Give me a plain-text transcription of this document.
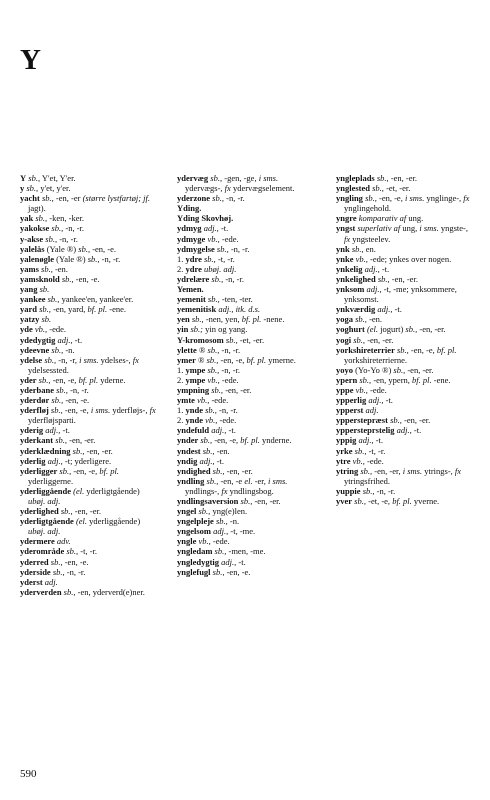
Y

Y sb., Y'et, Y'er.

y sb., y'et, y'er.

yacht sb., -en, -er (større lystfartøj; jf. jagt).

yak sb., -ken, -ker.

yakokse sb., -n, -r.

y-akse sb., -n, -r.

yalelås (Yale ®) sb., -en, -e.

yalenøgle (Yale ®) sb., -n, -r.

yams sb., -en.

yamsknold sb., -en, -e.

yang sb.

yankee sb., yankee'en, yankee'er.

yard sb., -en, yard, bf. pl. -ene.

yatzy sb.

yde vb., -ede.

ydedygtig adj., -t.

ydeevne sb., -n.

ydelse sb., -n, -r, i sms. ydelses-, fx ydelsessted.

yder sb., -en, -e, bf. pl. yderne.

yderbane sb., -n, -r.

yderdør sb., -en, -e.

yderfløj sb., -en, -e, i sms. yderfløjs-, fx yderfløjsparti.

yderig adj., -t.

yderkant sb., -en, -er.

yderklædning sb., -en, -er.

yderlig adj., -t; yderligere.

yderligger sb., -en, -e, bf. pl. yderliggerne.

yderliggående (el. yderligtgående) ubøj. adj.

yderlighed sb., -en, -er.

yderligtgående (el. yderliggående) ubøj. adj.

ydermere adv.

yderområde sb., -t, -r.

yderred sb., -en, -e.

yderside sb., -n, -r.

yderst adj.

yderverden sb., -en, yderverd(e)ner.

ydervæg sb., -gen, -ge, i sms. ydervægs-, fx ydervægselement.

yderzone sb., -n, -r.

Yding.

Yding Skovhøj.

ydmyg adj., -t.

ydmyge vb., -ede.

ydmygelse sb., -n, -r.

1. ydre sb., -t, -r.

2. ydre ubøj. adj.

ydrelære sb., -n, -r.

Yemen.

yemenit sb., -ten, -ter.

yemenitisk adj., itk. d.s.

yen sb., -nen, yen, bf. pl. -nene.

yin sb.; yin og yang.

Y-kromosom sb., -et, -er.

ylette ® sb., -n, -r.

ymer ® sb., -en, -e, bf. pl. ymerne.

1. ympe sb., -n, -r.

2. ympe vb., -ede.

ympning sb., -en, -er.

ymte vb., -ede.

1. ynde sb., -n, -r.

2. ynde vb., -ede.

yndefuld adj., -t.

ynder sb., -en, -e, bf. pl. ynderne.

yndest sb., -en.

yndig adj., -t.

yndighed sb., -en, -er.

yndling sb., -en, -e el. -er, i sms. yndlings-, fx yndlingsbog.

yndlingsaversion sb., -en, -er.

yngel sb., yng(e)len.

yngelpleje sb., -n.

yngelsom adj., -t, -me.

yngle vb., -ede.

yngledam sb., -men, -me.

yngledygtig adj., -t.

ynglefugl sb., -en, -e.

yngleplads sb., -en, -er.

ynglested sb., -et, -er.

yngling sb., -en, -e, i sms. ynglinge-, fx ynglingehold.

yngre komparativ af ung.

yngst superlativ af ung, i sms. yngste-, fx yngsteelev.

ynk sb., en.

ynke vb., -ede; ynkes over nogen.

ynkelig adj., -t.

ynkelighed sb., -en, -er.

ynksom adj., -t, -me; ynksommere, ynksomst.

ynkværdig adj., -t.

yoga sb., -en.

yoghurt (el. jogurt) sb., -en, -er.

yogi sb., -en, -er.

yorkshireterrier sb., -en, -e, bf. pl. yorkshireterrierne.

yoyo (Yo-Yo ®) sb., -en, -er.

ypern sb., -en, ypern, bf. pl. -ene.

yppe vb., -ede.

ypperlig adj., -t.

ypperst adj.

ypperstepræst sb., -en, -er.

yppersteprstelig adj., -t.

yppig adj., -t.

yrke sb., -t, -r.

ytre vb., -ede.

ytring sb., -en, -er, i sms. ytrings-, fx ytringsfrihed.

yuppie sb., -n, -r.

yver sb., -et, -e, bf. pl. yverne.

590
